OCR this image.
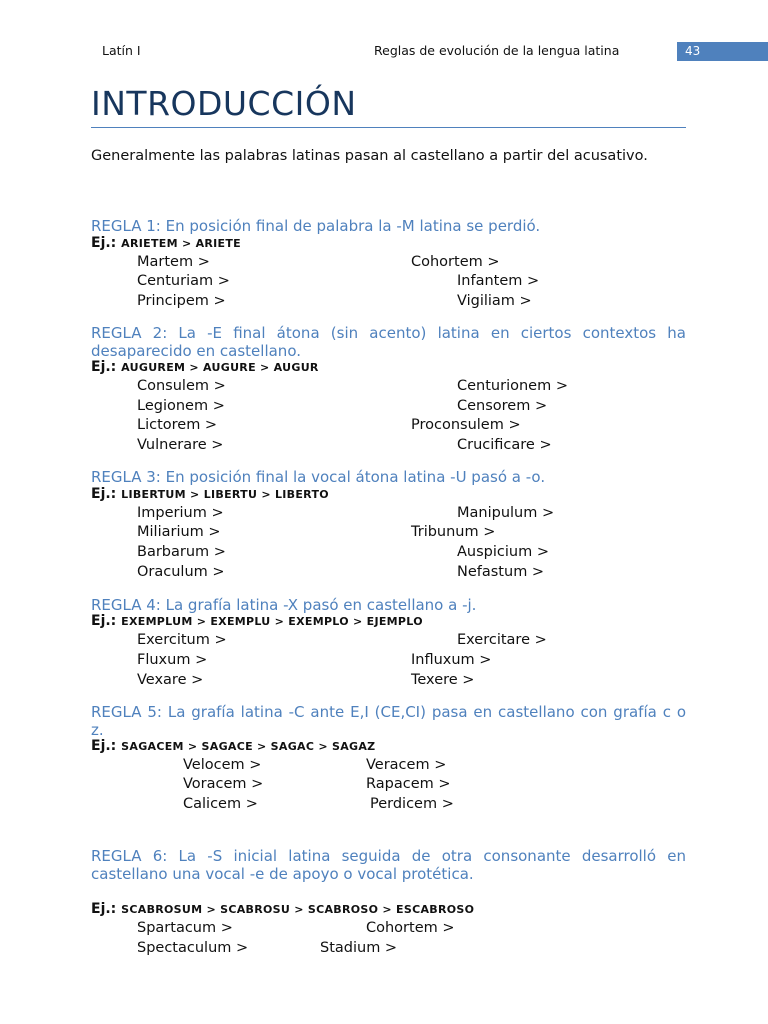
Latín I	Reglas de evolución de la lengua latina	43
INTRODUCCIÓN
Generalmente las palabras latinas pasan al castellano a partir del acusativo.
REGLA 1: En posición final de palabra la -M latina se perdió.
Ej.: ARIETEM > ARIETE
Martem >
Centuriam >
Principem >
Cohortem >
Infantem >
Vigiliam >
REGLA 2: La -E final átona (sin acento) latina en ciertos contextos ha desaparecido en castellano.
Ej.: AUGUREM > AUGURE > AUGUR
Consulem >
Legionem >
Lictorem >
Vulnerare >
Centurionem >
Censorem >
Proconsulem >
Crucificare >
REGLA 3: En posición final la vocal átona latina -U pasó a -o.
Ej.: LIBERTUM > LIBERTU > LIBERTO
Imperium >
Miliarium >
Barbarum >
Oraculum >
Manipulum >
Tribunum >
Auspicium >
Nefastum >
REGLA 4: La grafía latina -X pasó en castellano a -j.
Ej.: EXEMPLUM > EXEMPLU > EXEMPLO > EJEMPLO
Exercitum >
Fluxum >
Vexare >
Exercitare >
Influxum >
Texere >
REGLA 5: La grafía latina -C ante E,I (CE,CI) pasa en castellano con grafía c o z.
Ej.: SAGACEM > SAGACE > SAGAC > SAGAZ
Velocem >
Voracem >
Calicem >
Veracem >
Rapacem >
Perdicem >
REGLA 6: La -S inicial latina seguida de otra consonante desarrolló en castellano una vocal -e de apoyo o vocal protética.
Ej.: SCABROSUM > SCABROSU > SCABROSO > ESCABROSO
Spartacum >
Spectaculum >
Cohortem >
Stadium >
